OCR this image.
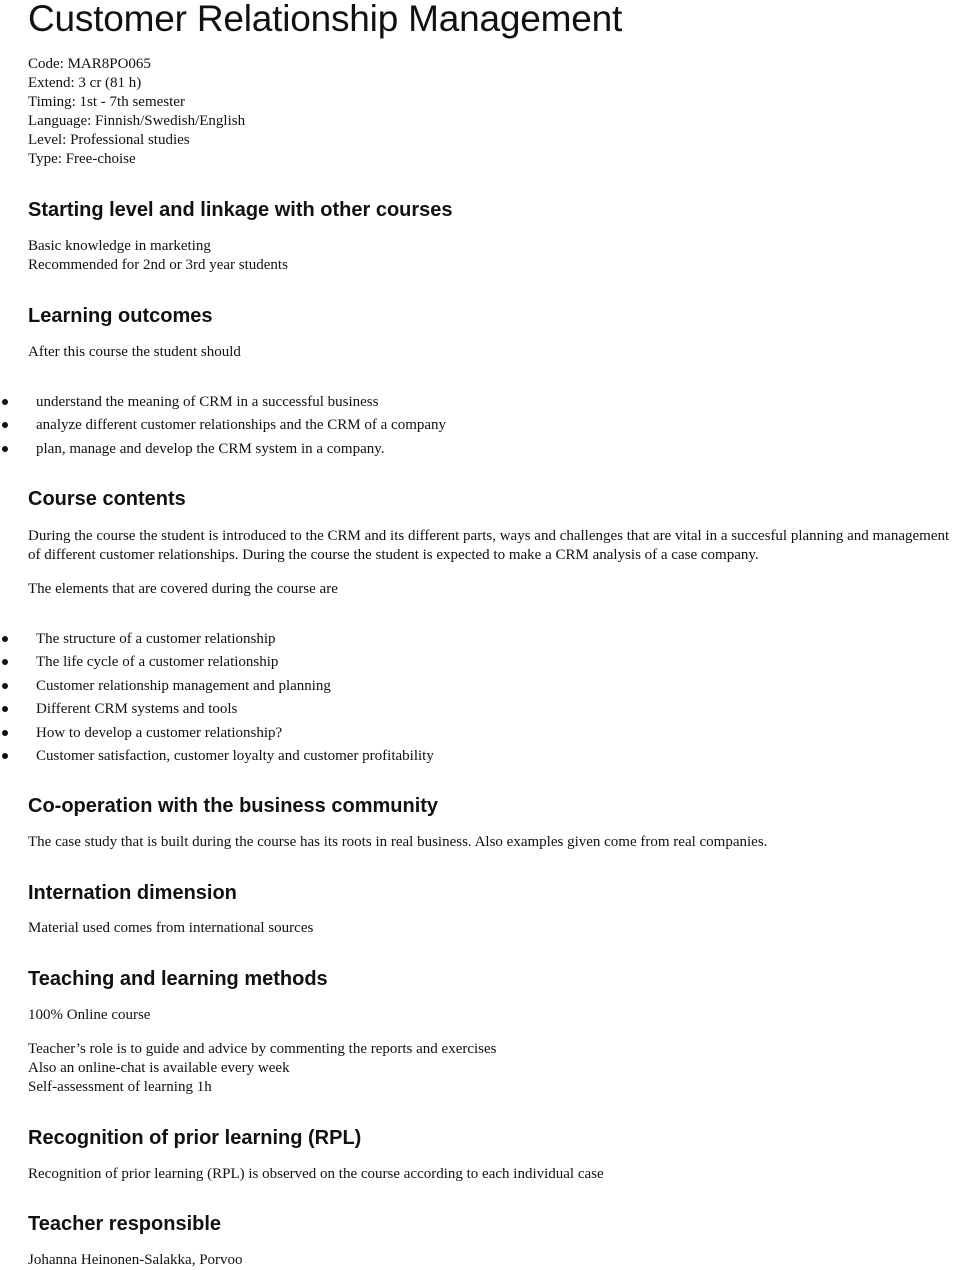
Customer Relationship Management
Code: MAR8PO065
Extend: 3 cr (81 h)
Timing: 1st - 7th semester
Language: Finnish/Swedish/English
Level: Professional studies
Type: Free-choise
Starting level and linkage with other courses
Basic knowledge in marketing
Recommended for 2nd or 3rd year students
Learning outcomes

After this course the student should

understand the meaning of CRM in a successful business
analyze different customer relationships and the CRM of a company
plan, manage and develop the CRM system in a company.
Course contents

During the course the student is introduced to the CRM and its different parts, ways and challenges that are vital in a succesful planning and management of different customer relationships. During the course the student is expected to make a CRM analysis of a case company.

The elements that are covered during the course are

The structure of a customer relationship
The life cycle of a customer relationship
Customer relationship management and planning
Different CRM systems and tools
How to develop a customer relationship?
Customer satisfaction, customer loyalty and customer profitability
Co-operation with the business community

The case study that is built during the course has its roots in real business. Also examples given come from real companies.

Internation dimension

Material used comes from international sources

Teaching and learning methods

100% Online course

Teacher’s role is to guide and advice by commenting the reports and exercises
Also an online-chat is available every week
Self-assessment of learning 1h
Recognition of prior learning (RPL)

Recognition of prior learning (RPL) is observed on the course according to each individual case

Teacher responsible

Johanna Heinonen-Salakka, Porvoo
